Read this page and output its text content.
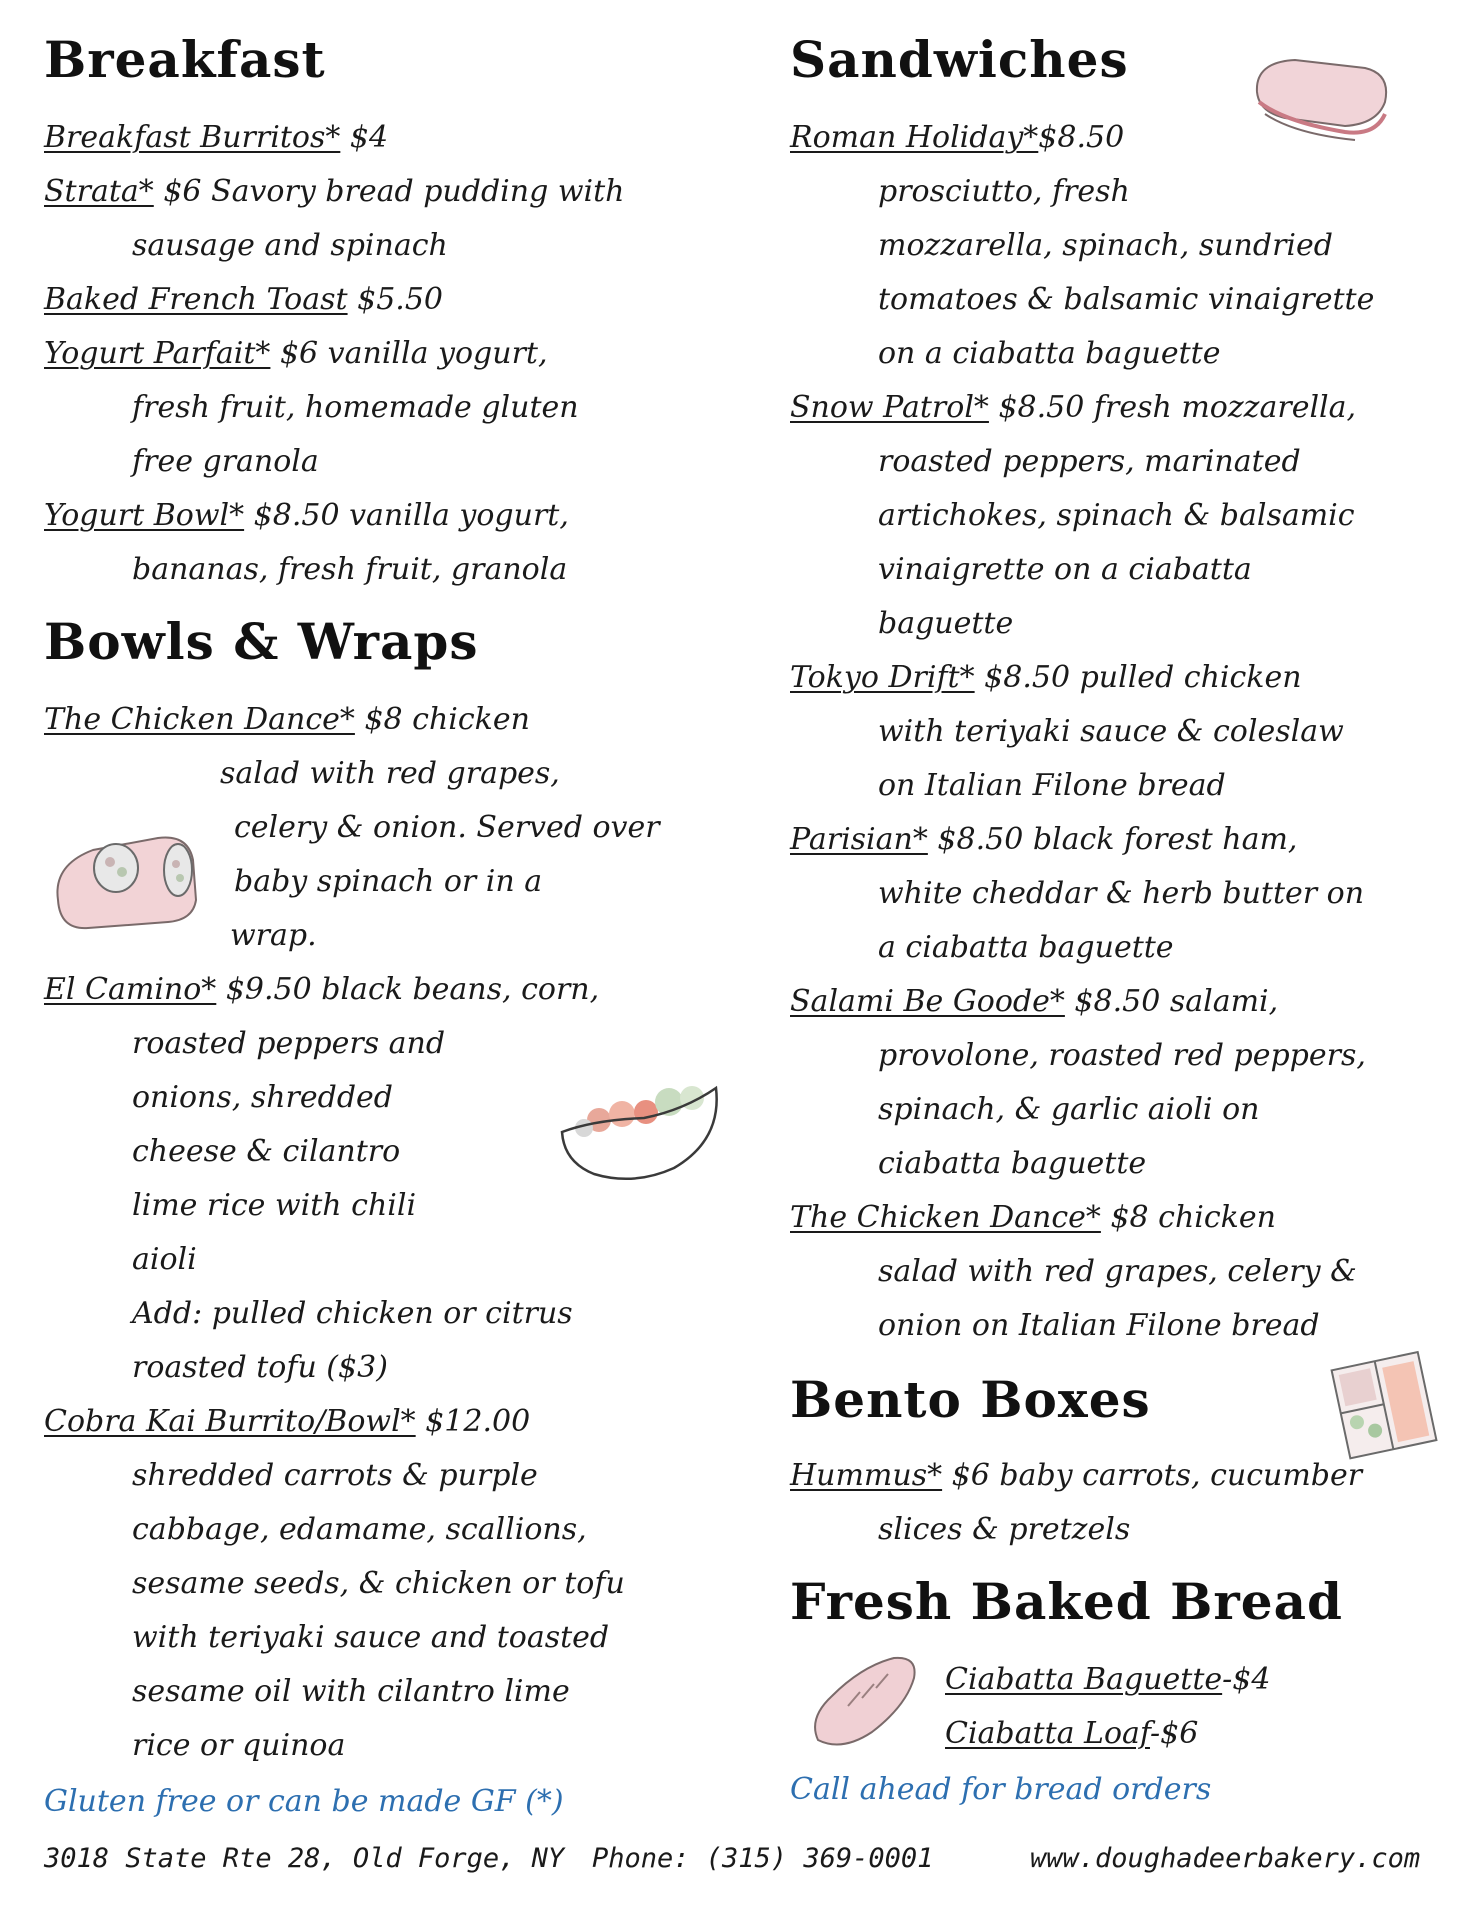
Breakfast

Breakfast Burritos* $4

Strata* $6 Savory bread pudding with

sausage and spinach

Baked French Toast $5.50

Yogurt Parfait* $6 vanilla yogurt,

fresh fruit, homemade gluten

free granola

Yogurt Bowl* $8.50 vanilla yogurt,

bananas, fresh fruit, granola

Bowls & Wraps

The Chicken Dance* $8 chicken

salad with red grapes,

celery & onion. Served over

baby spinach or in a

wrap.

El Camino* $9.50 black beans, corn,

roasted peppers and

onions, shredded

cheese & cilantro

lime rice with chili

aioli

Add: pulled chicken or citrus

roasted tofu ($3)

Cobra Kai Burrito/Bowl* $12.00

shredded carrots & purple

cabbage, edamame, scallions,

sesame seeds, & chicken or tofu

with teriyaki sauce and toasted

sesame oil with cilantro lime

rice or quinoa

Gluten free or can be made GF (*)

Sandwiches

Roman Holiday*$8.50

prosciutto, fresh

mozzarella, spinach, sundried

tomatoes & balsamic vinaigrette

on a ciabatta baguette

Snow Patrol* $8.50 fresh mozzarella,

roasted peppers, marinated

artichokes, spinach & balsamic

vinaigrette on a ciabatta

baguette

Tokyo Drift* $8.50 pulled chicken

with teriyaki sauce & coleslaw

on Italian Filone bread

Parisian* $8.50 black forest ham,

white cheddar & herb butter on

a ciabatta baguette

Salami Be Goode* $8.50 salami,

provolone, roasted red peppers,

spinach, & garlic aioli on

ciabatta baguette

The Chicken Dance* $8 chicken

salad with red grapes, celery &

onion on Italian Filone bread

Bento Boxes

Hummus* $6 baby carrots, cucumber

slices & pretzels

Fresh Baked Bread

Ciabatta Baguette-$4

Ciabatta Loaf-$6

Call ahead for bread orders

3018 State Rte 28, Old Forge, NY Phone: (315) 369-0001	www.doughadeerbakery.com
